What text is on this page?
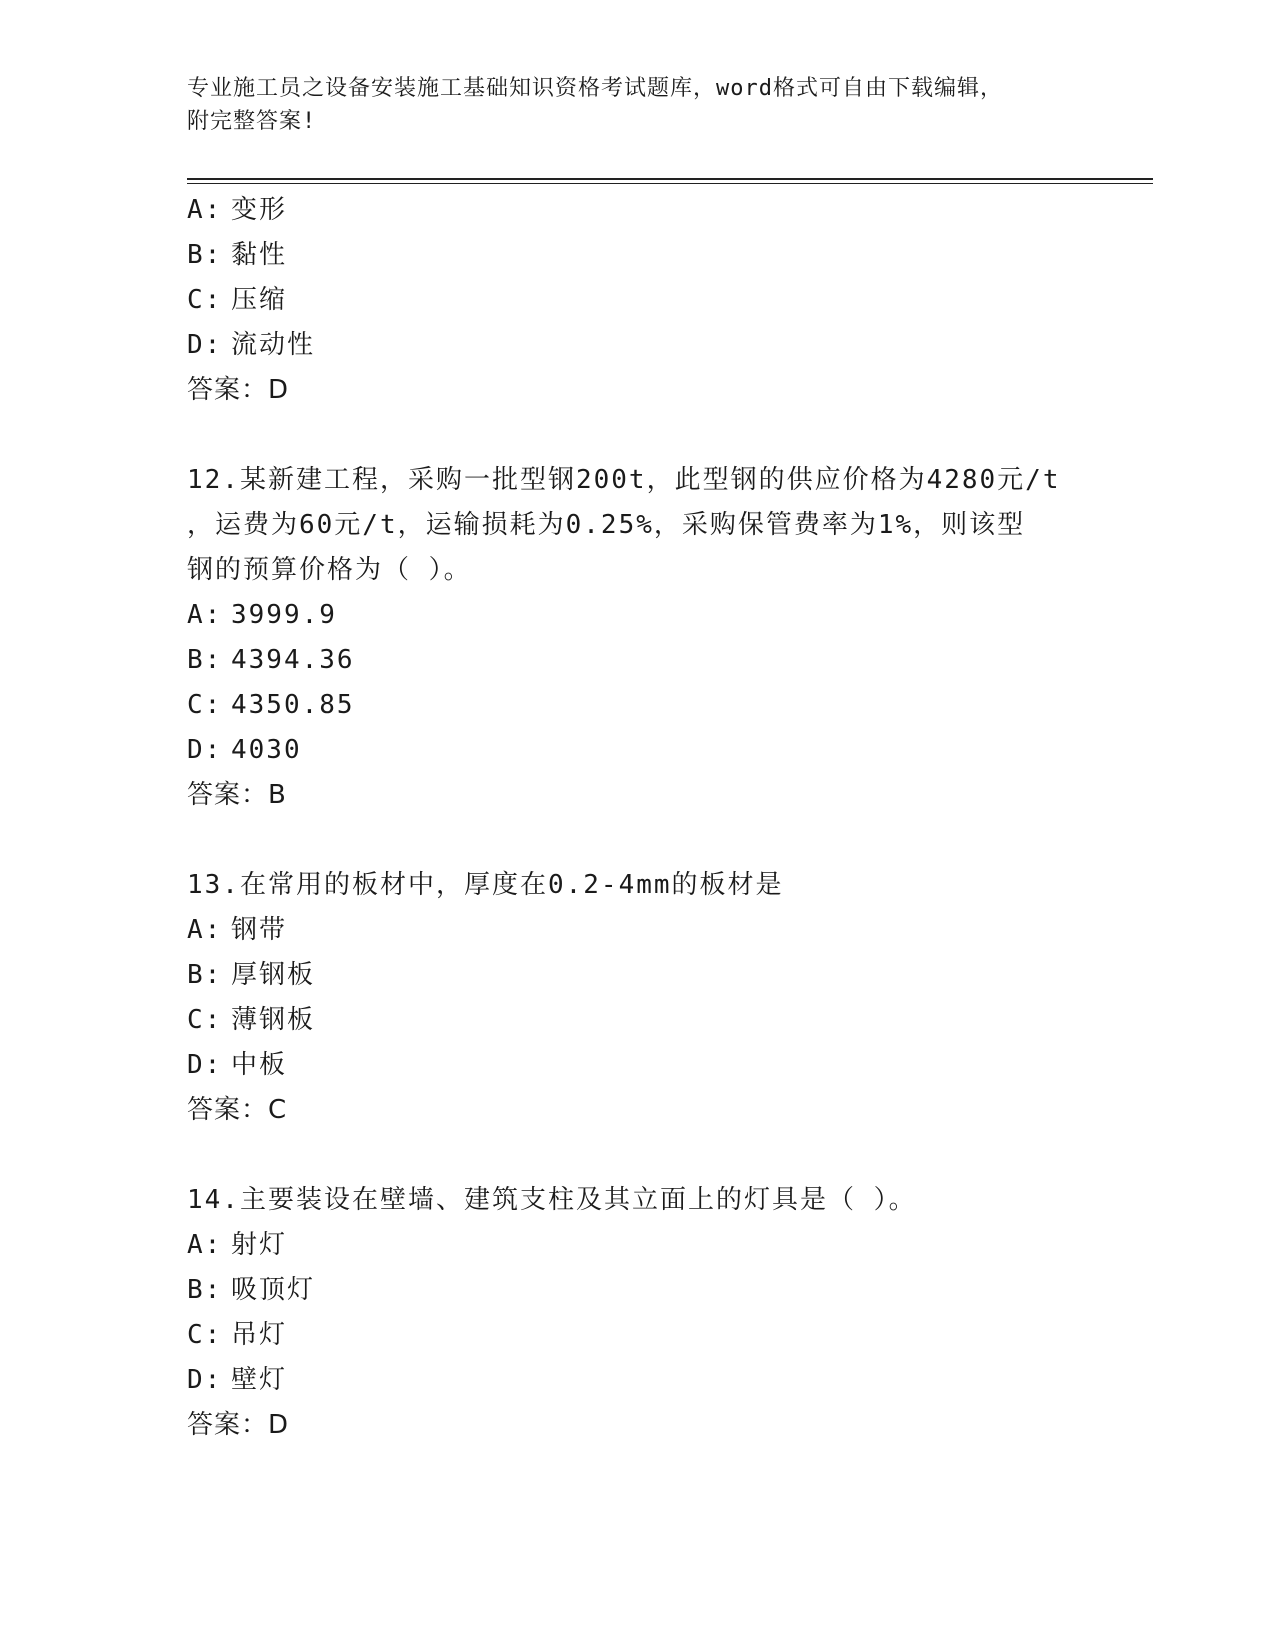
专业施工员之设备安装施工基础知识资格考试题库，word格式可自由下载编辑，
附完整答案!
A: 变形
B: 黏性
C: 压缩
D: 流动性
答案：D
12.某新建工程，采购一批型钢200t，此型钢的供应价格为4280元/t
，运费为60元/t，运输损耗为0.25%，采购保管费率为1%，则该型
钢的预算价格为（ ）。
A: 3999.9
B: 4394.36
C: 4350.85
D: 4030
答案：B
13.在常用的板材中，厚度在0.2-4mm的板材是
A: 钢带
B: 厚钢板
C: 薄钢板
D: 中板
答案：C
14.主要装设在壁墙、建筑支柱及其立面上的灯具是（ ）。
A: 射灯
B: 吸顶灯
C: 吊灯
D: 壁灯
答案：D
